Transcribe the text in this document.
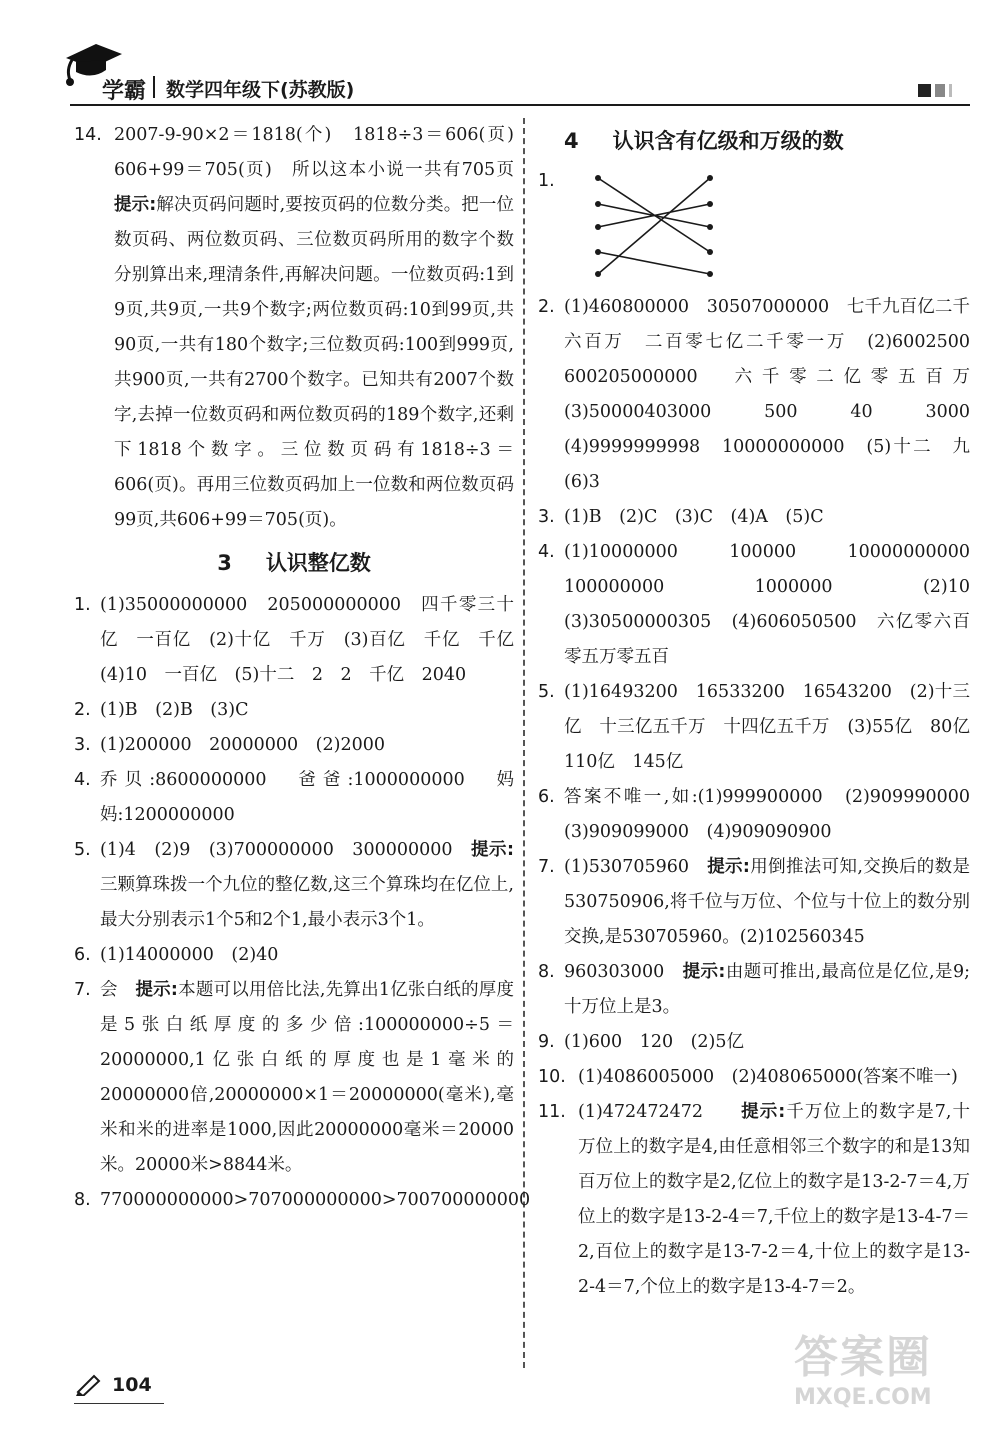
学霸 数学四年级下(苏教版)
14. 2007-9-90×2＝1818(个)　1818÷3＝606(页)　606+99＝705(页)　所以这本小说一共有705页　提示:解决页码问题时,要按页码的位数分类。把一位数页码、两位数页码、三位数页码所用的数字个数分别算出来,理清条件,再解决问题。一位数页码:1到9页,共9页,一共9个数字;两位数页码:10到99页,共90页,一共有180个数字;三位数页码:100到999页,共900页,一共有2700个数字。已知共有2007个数字,去掉一位数页码和两位数页码的189个数字,还剩下1818个数字。三位数页码有1818÷3＝606(页)。再用三位数页码加上一位数和两位数页码99页,共606+99＝705(页)。
3 认识整亿数
1. (1)35000000000　205000000000　四千零三十亿　一百亿　(2)十亿　千万　(3)百亿　千亿　千亿　(4)10　一百亿　(5)十二　2　2　千亿　2040
2. (1)B　(2)B　(3)C
3. (1)200000　20000000　(2)2000
4. 乔贝:8600000000　爸爸:1000000000　妈妈:1200000000
5. (1)4　(2)9　(3)700000000　300000000　提示:三颗算珠拨一个九位的整亿数,这三个算珠均在亿位上,最大分别表示1个5和2个1,最小表示3个1。
6. (1)14000000　(2)40
7. 会　提示:本题可以用倍比法,先算出1亿张白纸的厚度是5张白纸厚度的多少倍:100000000÷5＝20000000,1亿张白纸的厚度也是1毫米的20000000倍,20000000×1＝20000000(毫米),毫米和米的进率是1000,因此20000000毫米＝20000米。20000米>8844米。
8. 770000000000>707000000000>700700000000
4 认识含有亿级和万级的数
1.
2. (1)460800000　30507000000　七千九百亿二千六百万　二百零七亿二千零一万　(2)6002500　600205000000　六千零二亿零五百万　(3)50000403000　500　40　3000　(4)9999999998　10000000000　(5)十二　九　(6)3
3. (1)B　(2)C　(3)C　(4)A　(5)C
4. (1)10000000　100000　10000000000　100000000　1000000　(2)10　(3)30500000305　(4)606050500　六亿零六百零五万零五百
5. (1)16493200　16533200　16543200　(2)十三亿　十三亿五千万　十四亿五千万　(3)55亿　80亿　110亿　145亿
6. 答案不唯一,如:(1)999900000　(2)909990000　(3)909099000　(4)909090900
7. (1)530705960　提示:用倒推法可知,交换后的数是530750906,将千位与万位、个位与十位上的数分别交换,是530705960。(2)102560345
8. 960303000　提示:由题可推出,最高位是亿位,是9;十万位上是3。
9. (1)600　120　(2)5亿
10. (1)4086005000　(2)408065000(答案不唯一)
11. (1)472472472　　提示:千万位上的数字是7,十万位上的数字是4,由任意相邻三个数字的和是13知百万位上的数字是2,亿位上的数字是13-2-7＝4,万位上的数字是13-2-4＝7,千位上的数字是13-4-7＝2,百位上的数字是13-7-2＝4,十位上的数字是13-2-4＝7,个位上的数字是13-4-7＝2。
104
答案圈
MXQE.COM
